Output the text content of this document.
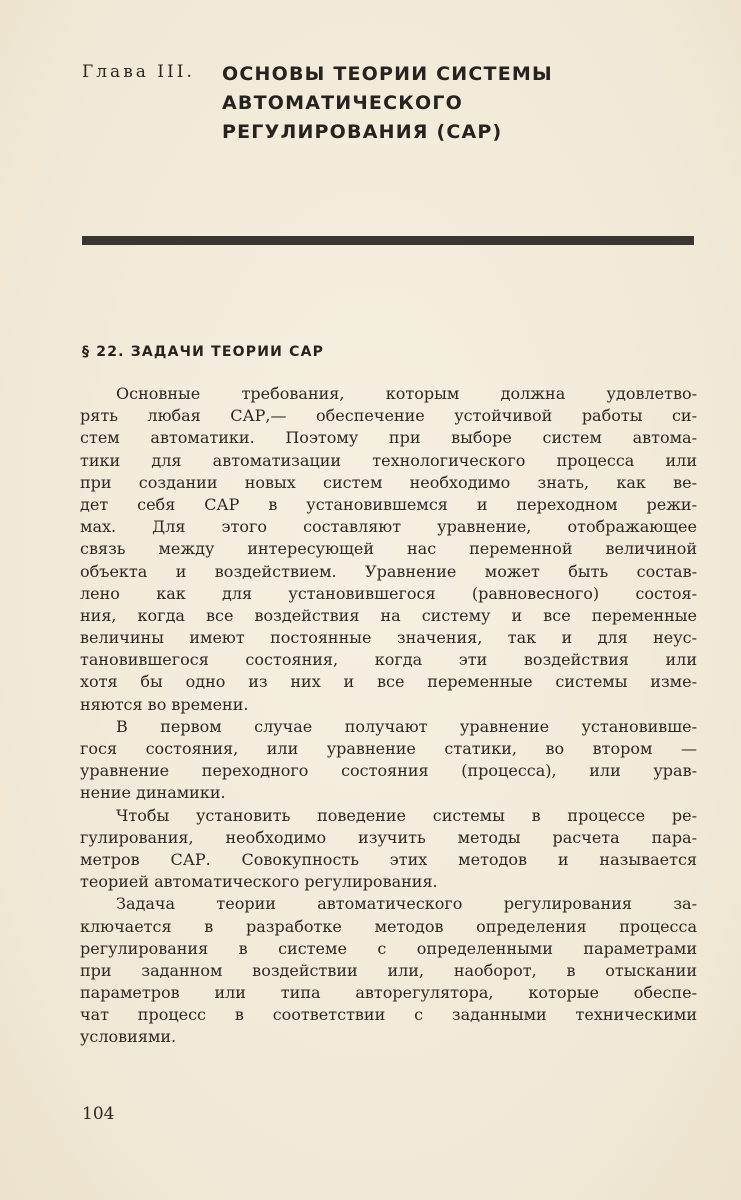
Глава III. ОСНОВЫ ТЕОРИИ СИСТЕМЫ
АВТОМАТИЧЕСКОГО
РЕГУЛИРОВАНИЯ (САР)
§ 22. ЗАДАЧИ ТЕОРИИ САР
Основные требования, которым должна удовлетво-
рять любая САР,— обеспечение устойчивой работы си-
стем автоматики. Поэтому при выборе систем автома-
тики для автоматизации технологического процесса или
при создании новых систем необходимо знать, как ве-
дет себя САР в установившемся и переходном режи-
мах. Для этого составляют уравнение, отображающее
связь между интересующей нас переменной величиной
объекта и воздействием. Уравнение может быть состав-
лено как для установившегося (равновесного) состоя-
ния, когда все воздействия на систему и все переменные
величины имеют постоянные значения, так и для неус-
тановившегося состояния, когда эти воздействия или
хотя бы одно из них и все переменные системы изме-
няются во времени.
В первом случае получают уравнение установивше-
гося состояния, или уравнение статики, во втором —
уравнение переходного состояния (процесса), или урав-
нение динамики.
Чтобы установить поведение системы в процессе ре-
гулирования, необходимо изучить методы расчета пара-
метров САР. Совокупность этих методов и называется
теорией автоматического регулирования.
Задача теории автоматического регулирования за-
ключается в разработке методов определения процесса
регулирования в системе с определенными параметрами
при заданном воздействии или, наоборот, в отыскании
параметров или типа авторегулятора, которые обеспе-
чат процесс в соответствии с заданными техническими
условиями.
104
